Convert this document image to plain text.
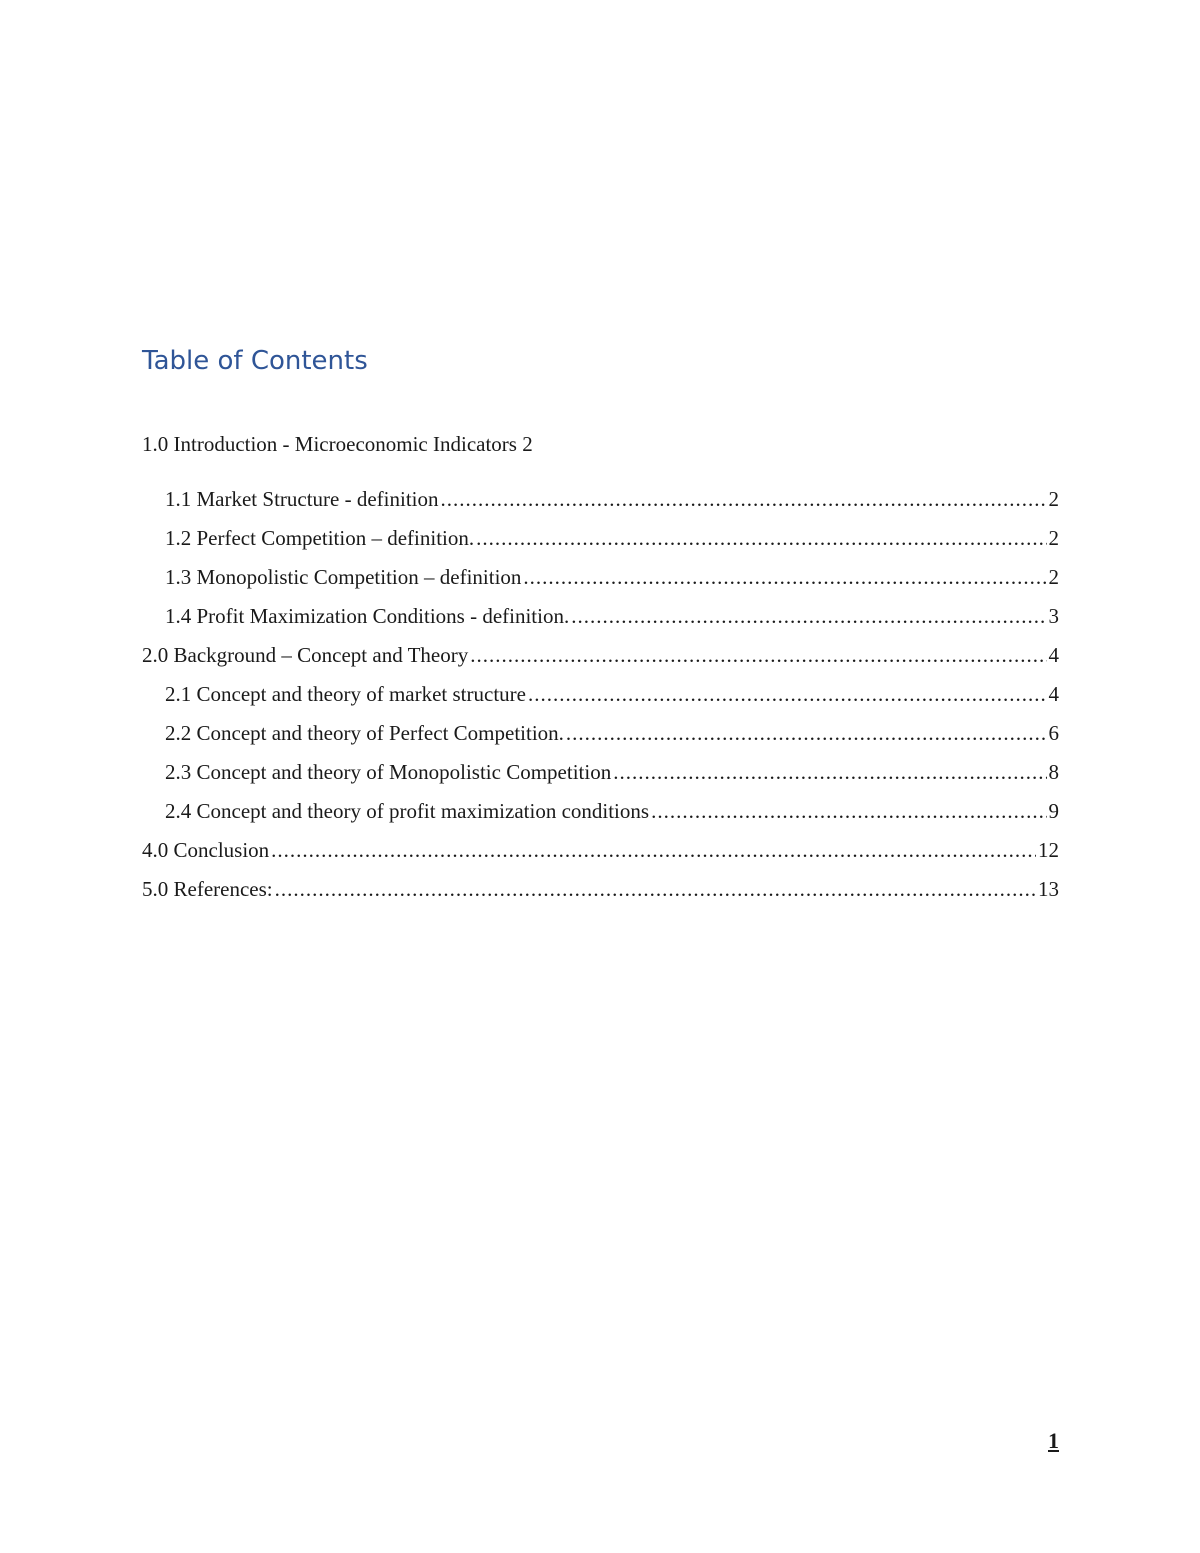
Table of Contents
1.0 Introduction - Microeconomic Indicators 2
1.1 Market Structure - definition .....	2
1.2 Perfect Competition – definition. .....	2
1.3 Monopolistic Competition – definition .....	2
1.4 Profit Maximization Conditions - definition. .....	3
2.0 Background – Concept and Theory .....	4
2.1 Concept and theory of market structure .....	4
2.2 Concept and theory of Perfect Competition. .....	6
2.3 Concept and theory of Monopolistic Competition .....	8
2.4 Concept and theory of profit maximization conditions .....	9
4.0 Conclusion .....	12
5.0 References: .....	13
1
